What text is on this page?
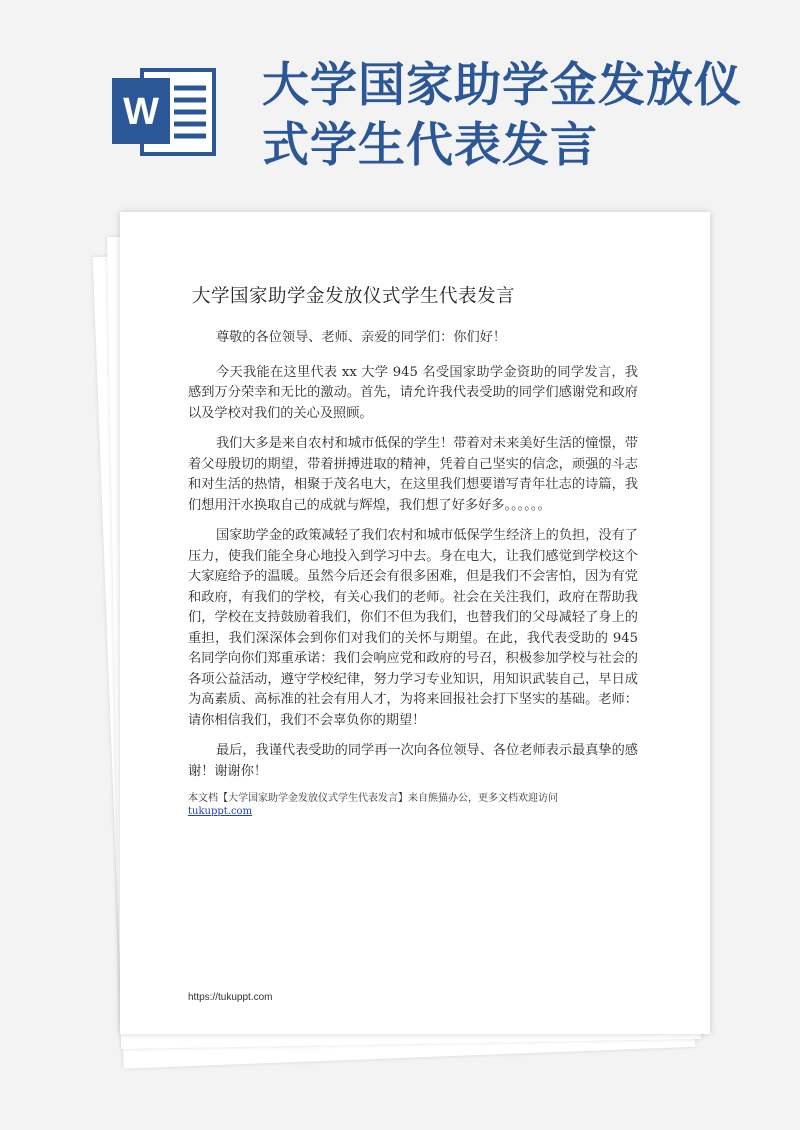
W 大学国家助学金发放仪
式学生代表发言
大学国家助学金发放仪式学生代表发言

尊敬的各位领导、老师、亲爱的同学们：你们好！

今天我能在这里代表 xx 大学 945 名受国家助学金资助的同学发言，我感到万分荣幸和无比的激动。首先，请允许我代表受助的同学们感谢党和政府以及学校对我们的关心及照顾。

我们大多是来自农村和城市低保的学生！带着对未来美好生活的憧憬，带着父母殷切的期望，带着拼搏进取的精神，凭着自己坚实的信念，顽强的斗志和对生活的热情，相聚于茂名电大，在这里我们想要谱写青年壮志的诗篇，我们想用汗水换取自己的成就与辉煌，我们想了好多好多。。。。。。

国家助学金的政策减轻了我们农村和城市低保学生经济上的负担，没有了压力，使我们能全身心地投入到学习中去。身在电大，让我们感觉到学校这个大家庭给予的温暖。虽然今后还会有很多困难，但是我们不会害怕，因为有党和政府，有我们的学校，有关心我们的老师。社会在关注我们，政府在帮助我们，学校在支持鼓励着我们，你们不但为我们，也替我们的父母减轻了身上的重担，我们深深体会到你们对我们的关怀与期望。在此，我代表受助的 945 名同学向你们郑重承诺：我们会响应党和政府的号召，积极参加学校与社会的各项公益活动，遵守学校纪律，努力学习专业知识，用知识武装自己，早日成为高素质、高标准的社会有用人才，为将来回报社会打下坚实的基础。老师：请你相信我们，我们不会辜负你的期望！

最后，我谨代表受助的同学再一次向各位领导、各位老师表示最真挚的感谢！谢谢你！

本文档【大学国家助学金发放仪式学生代表发言】来自熊猫办公，更多文档欢迎访问
tukuppt.com
https://tukuppt.com
